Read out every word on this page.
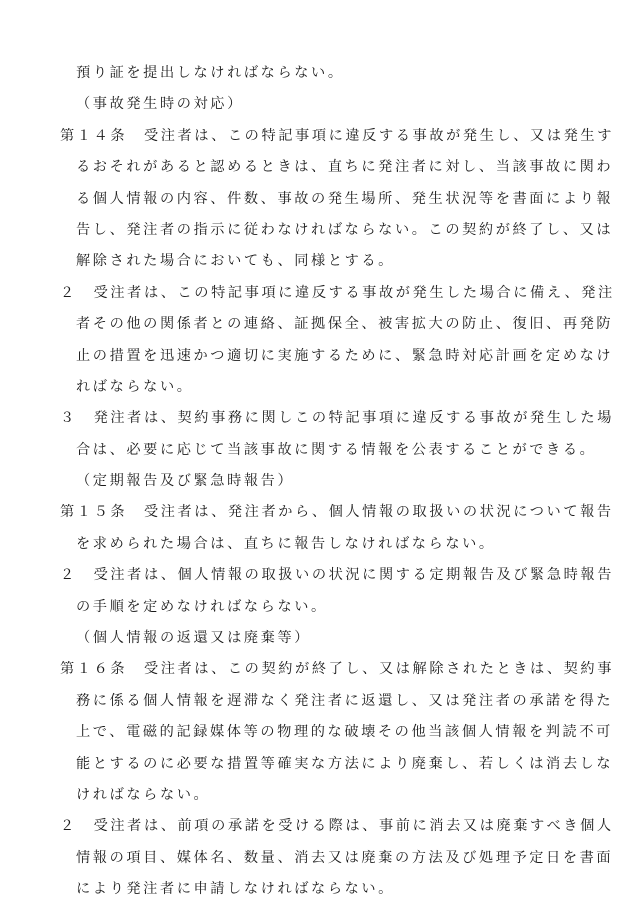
預り証を提出しなければならない。
（事故発生時の対応）
第１４条　受注者は、この特記事項に違反する事故が発生し、又は発生す
るおそれがあると認めるときは、直ちに発注者に対し、当該事故に関わ
る個人情報の内容、件数、事故の発生場所、発生状況等を書面により報
告し、発注者の指示に従わなければならない。この契約が終了し、又は
解除された場合においても、同様とする。
２　受注者は、この特記事項に違反する事故が発生した場合に備え、発注
者その他の関係者との連絡、証拠保全、被害拡大の防止、復旧、再発防
止の措置を迅速かつ適切に実施するために、緊急時対応計画を定めなけ
ればならない。
３　発注者は、契約事務に関しこの特記事項に違反する事故が発生した場
合は、必要に応じて当該事故に関する情報を公表することができる。
（定期報告及び緊急時報告）
第１５条　受注者は、発注者から、個人情報の取扱いの状況について報告
を求められた場合は、直ちに報告しなければならない。
２　受注者は、個人情報の取扱いの状況に関する定期報告及び緊急時報告
の手順を定めなければならない。
（個人情報の返還又は廃棄等）
第１６条　受注者は、この契約が終了し、又は解除されたときは、契約事
務に係る個人情報を遅滞なく発注者に返還し、又は発注者の承諾を得た
上で、電磁的記録媒体等の物理的な破壊その他当該個人情報を判読不可
能とするのに必要な措置等確実な方法により廃棄し、若しくは消去しな
ければならない。
２　受注者は、前項の承諾を受ける際は、事前に消去又は廃棄すべき個人
情報の項目、媒体名、数量、消去又は廃棄の方法及び処理予定日を書面
により発注者に申請しなければならない。
